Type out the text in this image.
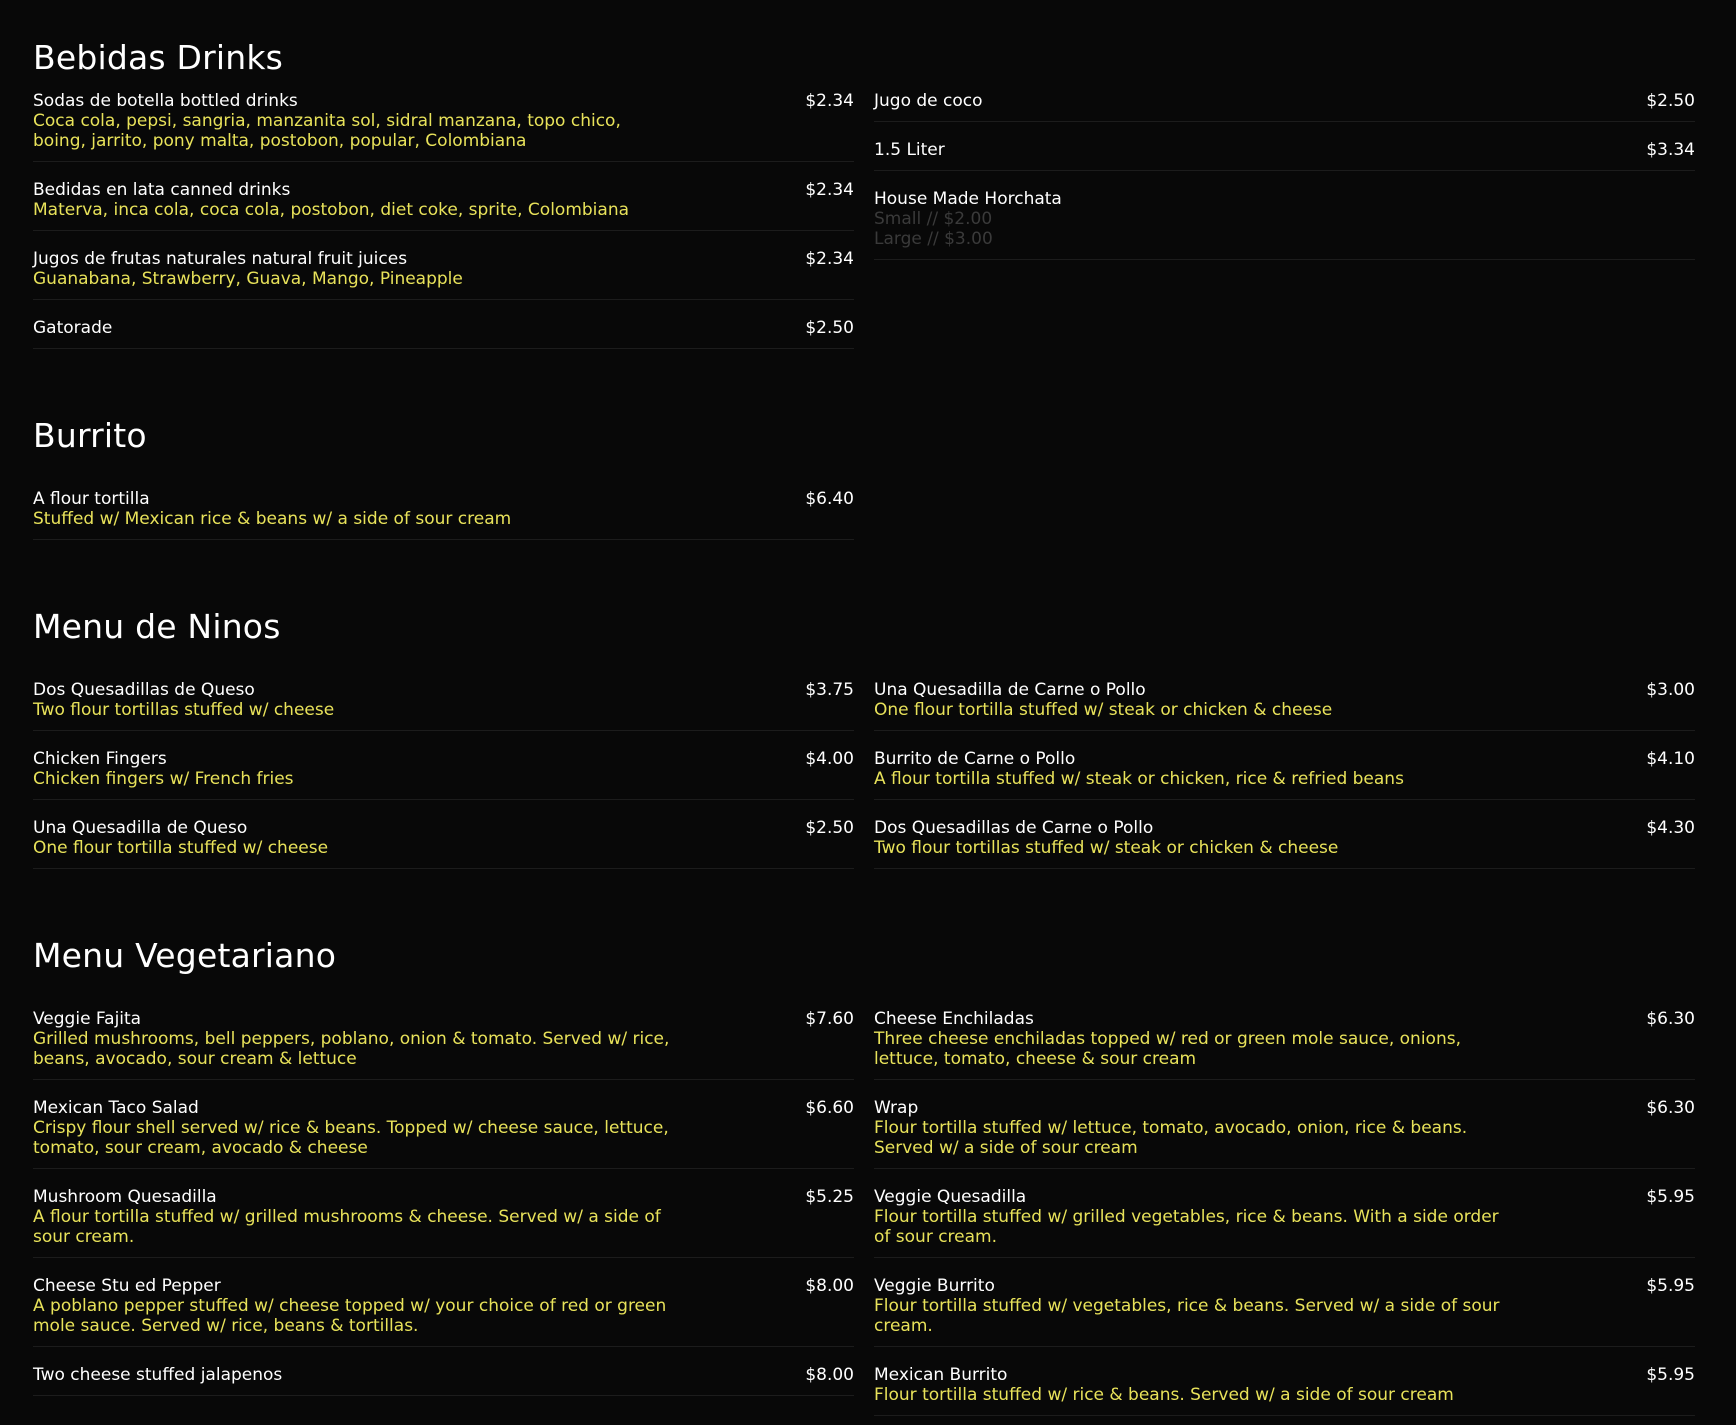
Bebidas Drinks
Sodas de botella bottled drinks	$2.34
Coca cola, pepsi, sangria, manzanita sol, sidral manzana, topo chico, boing, jarrito, pony malta, postobon, popular, Colombiana
Bedidas en lata canned drinks	$2.34
Materva, inca cola, coca cola, postobon, diet coke, sprite, Colombiana
Jugos de frutas naturales natural fruit juices	$2.34
Guanabana, Strawberry, Guava, Mango, Pineapple
Gatorade	$2.50
Jugo de coco	$2.50
1.5 Liter	$3.34
House Made Horchata
Small // $2.00
Large // $3.00
Burrito
A flour tortilla	$6.40
Stuffed w/ Mexican rice & beans w/ a side of sour cream
Menu de Ninos
Dos Quesadillas de Queso	$3.75
Two flour tortillas stuffed w/ cheese
Chicken Fingers	$4.00
Chicken fingers w/ French fries
Una Quesadilla de Queso	$2.50
One flour tortilla stuffed w/ cheese
Una Quesadilla de Carne o Pollo	$3.00
One flour tortilla stuffed w/ steak or chicken & cheese
Burrito de Carne o Pollo	$4.10
A flour tortilla stuffed w/ steak or chicken, rice & refried beans
Dos Quesadillas de Carne o Pollo	$4.30
Two flour tortillas stuffed w/ steak or chicken & cheese
Menu Vegetariano
Veggie Fajita	$7.60
Grilled mushrooms, bell peppers, poblano, onion & tomato. Served w/ rice, beans, avocado, sour cream & lettuce
Mexican Taco Salad	$6.60
Crispy flour shell served w/ rice & beans. Topped w/ cheese sauce, lettuce, tomato, sour cream, avocado & cheese
Mushroom Quesadilla	$5.25
A flour tortilla stuffed w/ grilled mushrooms & cheese. Served w/ a side of sour cream.
Cheese Stu ed Pepper	$8.00
A poblano pepper stuffed w/ cheese topped w/ your choice of red or green mole sauce. Served w/ rice, beans & tortillas.
Two cheese stuffed jalapenos	$8.00
Cheese Enchiladas	$6.30
Three cheese enchiladas topped w/ red or green mole sauce, onions, lettuce, tomato, cheese & sour cream
Wrap	$6.30
Flour tortilla stuffed w/ lettuce, tomato, avocado, onion, rice & beans. Served w/ a side of sour cream
Veggie Quesadilla	$5.95
Flour tortilla stuffed w/ grilled vegetables, rice & beans. With a side order of sour cream.
Veggie Burrito	$5.95
Flour tortilla stuffed w/ vegetables, rice & beans. Served w/ a side of sour cream.
Mexican Burrito	$5.95
Flour tortilla stuffed w/ rice & beans. Served w/ a side of sour cream
